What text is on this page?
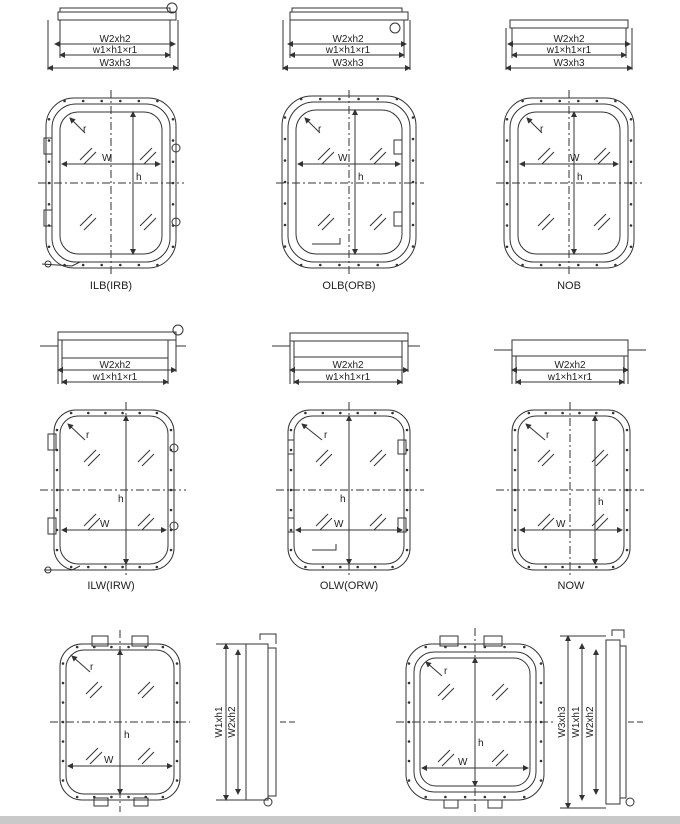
W2xh2
w1×h1×r1
W3xh3
W2xh2
w1×h1×r1
W3xh3
W2xh2
w1×h1×r1
W3xh3
W
h
r
W
h
r
W
h
r
W2xh2
w1×h1×r1
W2xh2
w1×h1×r1
W2xh2
w1×h1×r1
W
h
r
W
h
r
W
h
r
W
h
r
W1xh1 W2xh2
W
h
r
W3xh3 W1xh1 W2xh2
ILB(IRB)	OLB(ORB)	NOB
ILW(IRW)	OLW(ORW)	NOW
